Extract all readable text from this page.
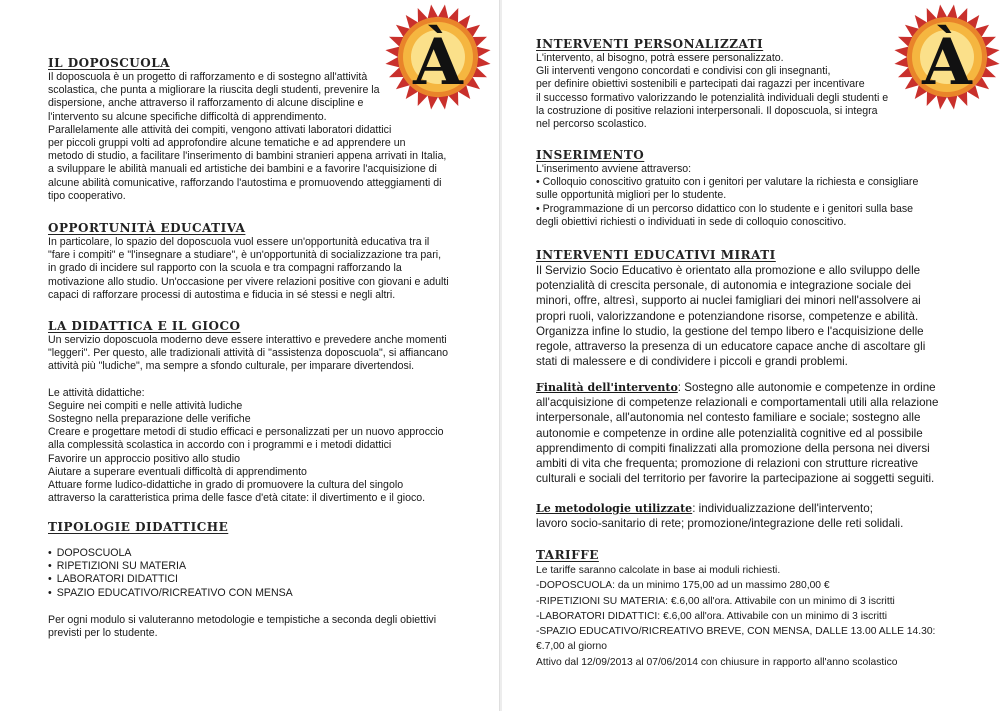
À	À
IL DOPOSCUOLA

Il doposcuola è un progetto di rafforzamento e di sostegno all'attività

scolastica, che punta a migliorare la riuscita degli studenti, prevenire la

dispersione, anche attraverso il rafforzamento di alcune discipline e

l'intervento su alcune specifiche difficoltà di apprendimento.

Parallelamente alle attività dei compiti, vengono attivati laboratori didattici

per piccoli gruppi volti ad approfondire alcune tematiche e ad apprendere un

metodo di studio, a facilitare l'inserimento di bambini stranieri appena arrivati in Italia,

a sviluppare le abilità manuali ed artistiche dei bambini e a favorire l'acquisizione di

alcune abilità comunicative, rafforzando l'autostima e promuovendo atteggiamenti di

tipo cooperativo.

OPPORTUNITÀ EDUCATIVA

In particolare, lo spazio del doposcuola vuol essere un'opportunità educativa tra il

"fare i compiti" e "l'insegnare a studiare", è un'opportunità di socializzazione tra pari,

in grado di incidere sul rapporto con la scuola e tra compagni rafforzando la

motivazione allo studio. Un'occasione per vivere relazioni positive con giovani e adulti

capaci di rafforzare processi di autostima e fiducia in sé stessi e negli altri.

LA DIDATTICA E IL GIOCO

Un servizio doposcuola moderno deve essere interattivo e prevedere anche momenti

"leggeri". Per questo, alle tradizionali attività di "assistenza doposcuola", si affiancano

attività più "ludiche", ma sempre a sfondo culturale, per imparare divertendosi.

Le attività didattiche:

Seguire nei compiti e nelle attività ludiche

Sostegno nella preparazione delle verifiche

Creare e progettare metodi di studio efficaci e personalizzati per un nuovo approccio

alla complessità scolastica in accordo con i programmi e i metodi didattici

Favorire un approccio positivo allo studio

Aiutare a superare eventuali difficoltà di apprendimento

Attuare forme ludico-didattiche in grado di promuovere la cultura del singolo

attraverso la caratteristica prima delle fasce d'età citate: il divertimento e il gioco.

TIPOLOGIE DIDATTICHE
• DOPOSCUOLA
• RIPETIZIONI SU MATERIA
• LABORATORI DIDATTICI
• SPAZIO EDUCATIVO/RICREATIVO CON MENSA

Per ogni modulo si valuteranno metodologie e tempistiche a seconda degli obiettivi

previsti per lo studente.

INTERVENTI PERSONALIZZATI

L'intervento, al bisogno, potrà essere personalizzato.

Gli interventi vengono concordati e condivisi con gli insegnanti,

per definire obiettivi sostenibili e partecipati dai ragazzi per incentivare

il successo formativo valorizzando le potenzialità individuali degli studenti e

la costruzione di positive relazioni interpersonali. Il doposcuola, si integra

nel percorso scolastico.

INSERIMENTO

L'inserimento avviene attraverso:

• Colloquio conoscitivo gratuito con i genitori per valutare la richiesta e consigliare

sulle opportunità migliori per lo studente.

• Programmazione di un percorso didattico con lo studente e i genitori sulla base

degli obiettivi richiesti o individuati in sede di colloquio conoscitivo.

INTERVENTI EDUCATIVI MIRATI

Il Servizio Socio Educativo è orientato alla promozione e allo sviluppo delle

potenzialità di crescita personale, di autonomia e integrazione sociale dei

minori, offre, altresì, supporto ai nuclei famigliari dei minori nell'assolvere ai

propri ruoli, valorizzandone e potenziandone risorse, competenze e abilità.

Organizza infine lo studio, la gestione del tempo libero e l'acquisizione delle

regole, attraverso la presenza di un educatore capace anche di ascoltare gli

stati di malessere e di condividere i piccoli e grandi problemi.

Finalità dell'intervento: Sostegno alle autonomie e competenze in ordine

all'acquisizione di competenze relazionali e comportamentali utili alla relazione

interpersonale, all'autonomia nel contesto familiare e sociale; sostegno alle

autonomie e competenze in ordine alle potenzialità cognitive ed al possibile

apprendimento di compiti finalizzati alla promozione della persona nei diversi

ambiti di vita che frequenta; promozione di relazioni con strutture ricreative

culturali e sociali del territorio per favorire la partecipazione ai soggetti seguiti.

Le metodologie utilizzate: individualizzazione dell'intervento;

lavoro socio-sanitario di rete; promozione/integrazione delle reti solidali.

TARIFFE

Le tariffe saranno calcolate in base ai moduli richiesti.

-DOPOSCUOLA: da un minimo 175,00 ad un massimo 280,00 €

-RIPETIZIONI SU MATERIA: €.6,00 all'ora. Attivabile con un minimo di 3 iscritti

-LABORATORI DIDATTICI: €.6,00 all'ora. Attivabile con un minimo di 3 iscritti

-SPAZIO EDUCATIVO/RICREATIVO BREVE, CON MENSA, DALLE 13.00 ALLE 14.30:

€.7,00 al giorno

Attivo dal 12/09/2013 al 07/06/2014 con chiusure in rapporto all'anno scolastico
